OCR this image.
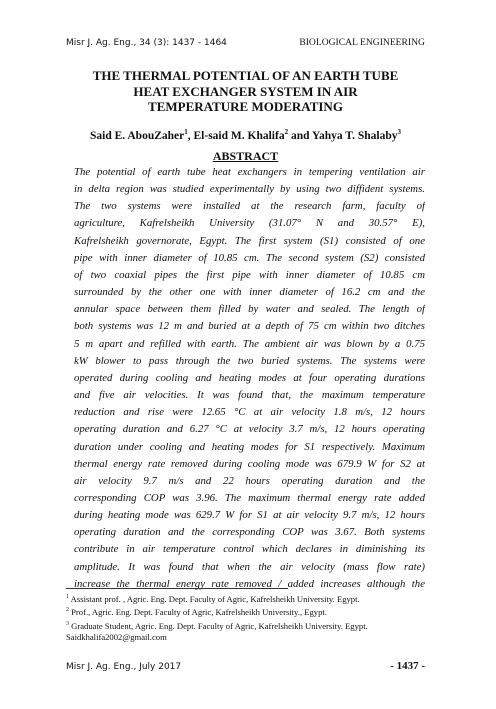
Misr J. Ag. Eng., 34 (3): 1437 - 1464	BIOLOGICAL ENGINEERING
THE THERMAL POTENTIAL OF AN EARTH TUBE
HEAT EXCHANGER SYSTEM IN AIR
TEMPERATURE MODERATING
Said E. AbouZaher$^1$, El-said M. Khalifa$^2$ and Yahya T. Shalaby$^3$
ABSTRACT
The potential of earth tube heat exchangers in tempering ventilation air
in delta region was studied experimentally by using two diffident systems.
The two systems were installed at the research farm, faculty of
agriculture, Kafrelsheikh University (31.07° N and 30.57° E),
Kafrelsheikh governorate, Egypt. The first system (S1) consisted of one
pipe with inner diameter of 10.85 cm. The second system (S2) consisted
of two coaxial pipes the first pipe with inner diameter of 10.85 cm
surrounded by the other one with inner diameter of 16.2 cm and the
annular space between them filled by water and sealed. The length of
both systems was 12 m and buried at a depth of 75 cm within two ditches
5 m apart and refilled with earth. The ambient air was blown by a 0.75
kW blower to pass through the two buried systems. The systems were
operated during cooling and heating modes at four operating durations
and five air velocities. It was found that, the maximum temperature
reduction and rise were 12.65 °C at air velocity 1.8 m/s, 12 hours
operating duration and 6.27 °C at velocity 3.7 m/s, 12 hours operating
duration under cooling and heating modes for S1 respectively. Maximum
thermal energy rate removed during cooling mode was 679.9 W for S2 at
air velocity 9.7 m/s and 22 hours operating duration and the
corresponding COP was 3.96. The maximum thermal energy rate added
during heating mode was 629.7 W for S1 at air velocity 9.7 m/s, 12 hours
operating duration and the corresponding COP was 3.67. Both systems
contribute in air temperature control which declares in diminishing its
amplitude. It was found that when the air velocity (mass flow rate)
increase the thermal energy rate removed / added increases although the
$^1$ Assistant prof. , Agric. Eng. Dept. Faculty of Agric, Kafrelsheikh University. Egypt.
$^2$ Prof., Agric. Eng. Dept. Faculty of Agric, Kafrelsheikh University., Egypt.
$^3$ Graduate Student, Agric. Eng. Dept. Faculty of Agric, Kafrelsheikh University. Egypt.
Saidkhalifa2002@gmail.com
Misr J. Ag. Eng., July 2017	- 1437 -
